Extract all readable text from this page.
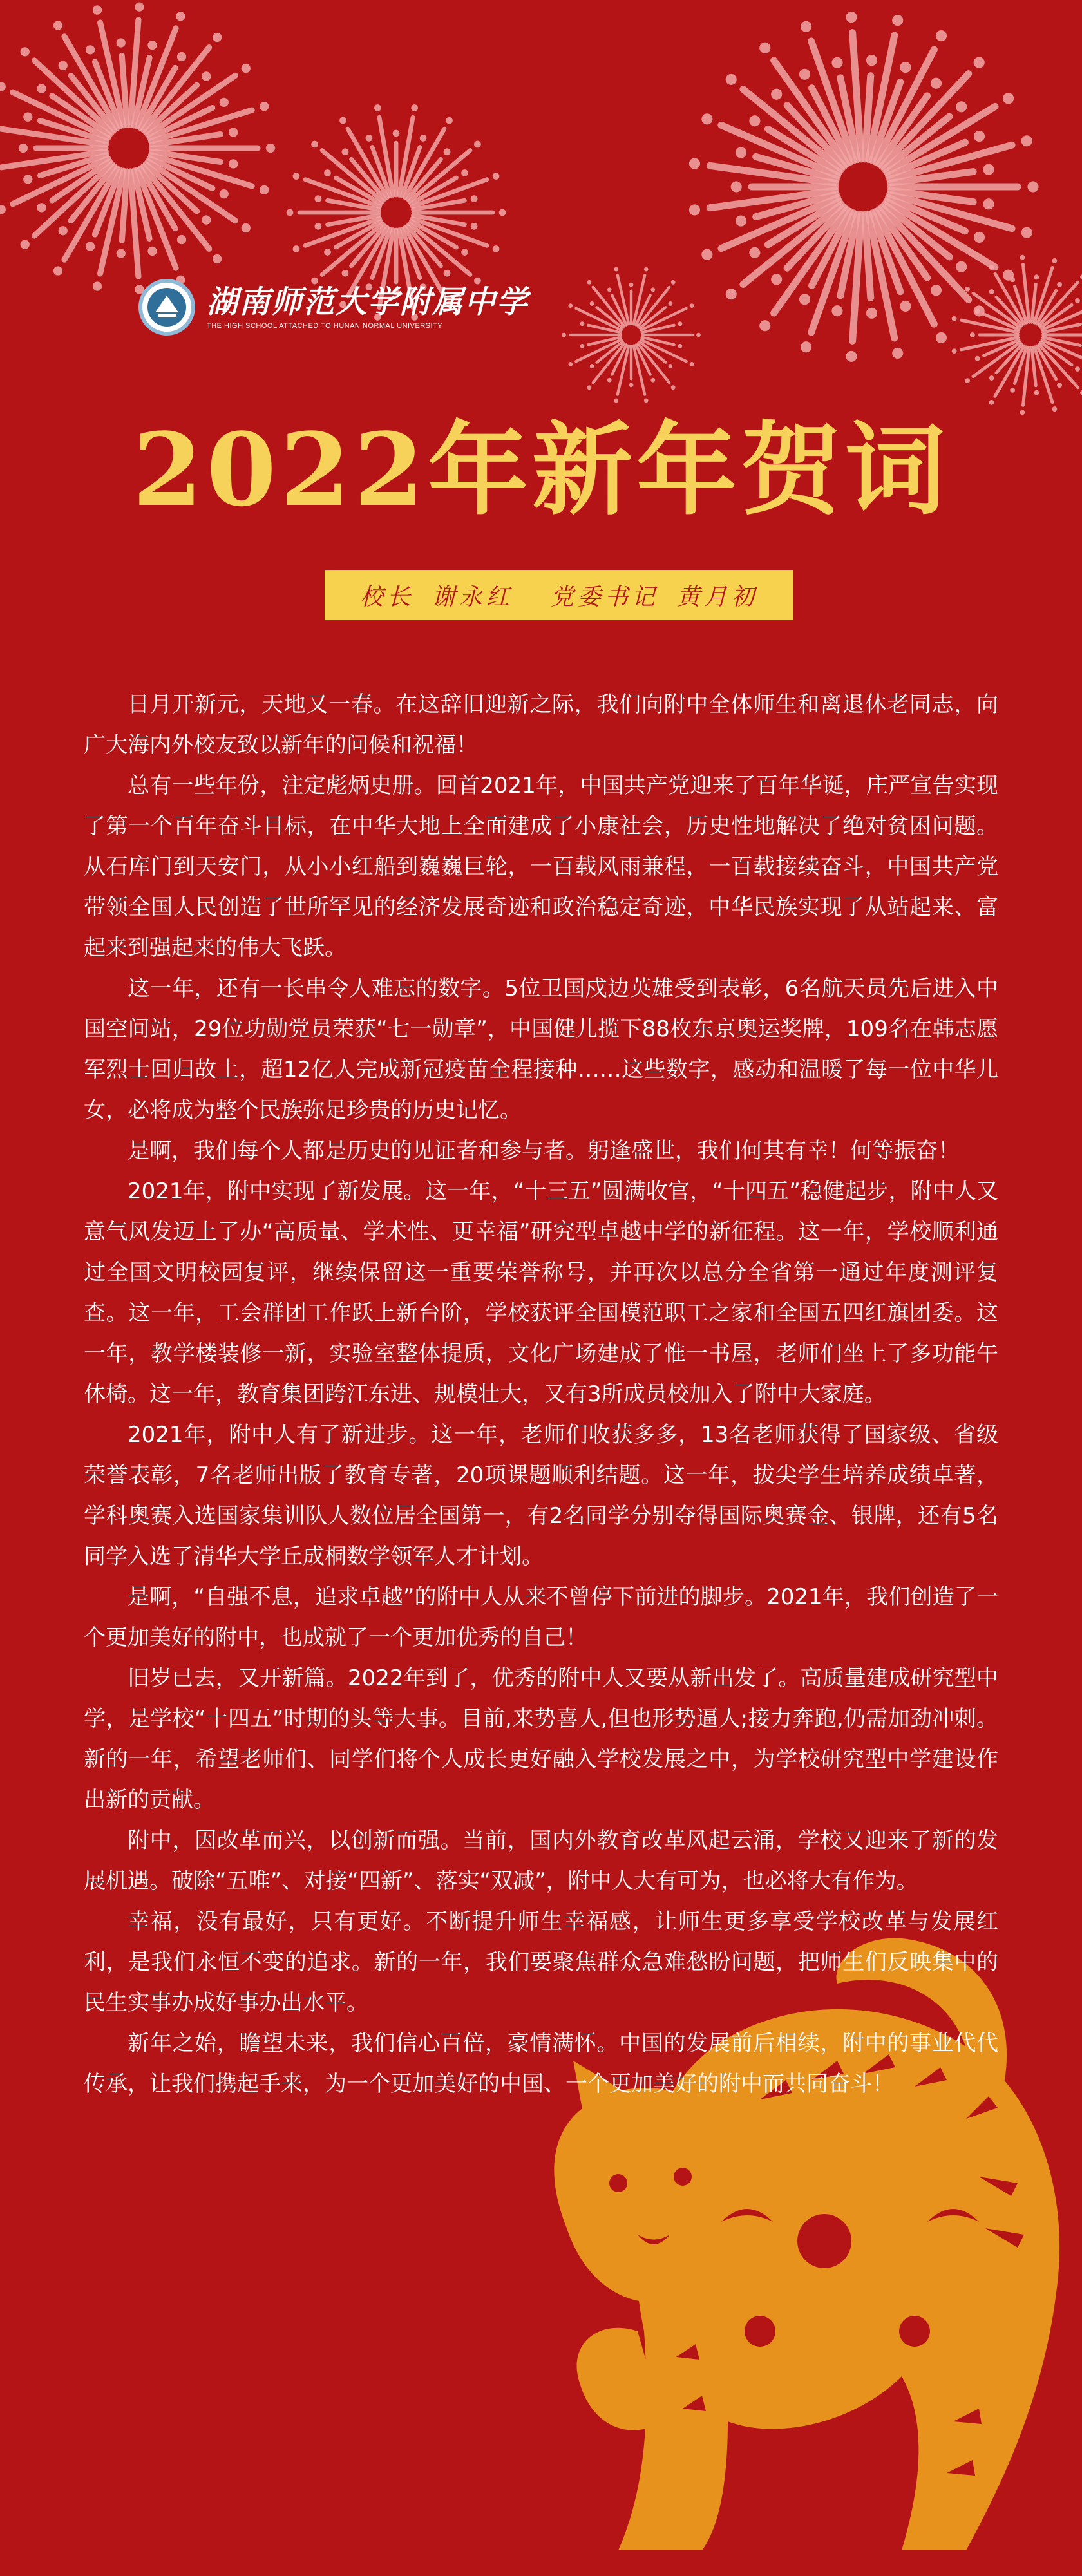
湖南师范大学附属中学
THE HIGH SCHOOL ATTACHED TO HUNAN NORMAL UNIVERSITY
2022年新年贺词
校长 谢永红 党委书记 黄月初

日月开新元，天地又一春。在这辞旧迎新之际，我们向附中全体师生和离退休老同志，向广大海内外校友致以新年的问候和祝福！

总有一些年份，注定彪炳史册。回首2021年，中国共产党迎来了百年华诞，庄严宣告实现了第一个百年奋斗目标，在中华大地上全面建成了小康社会，历史性地解决了绝对贫困问题。从石库门到天安门，从小小红船到巍巍巨轮，一百载风雨兼程，一百载接续奋斗，中国共产党带领全国人民创造了世所罕见的经济发展奇迹和政治稳定奇迹，中华民族实现了从站起来、富起来到强起来的伟大飞跃。

这一年，还有一长串令人难忘的数字。5位卫国戍边英雄受到表彰，6名航天员先后进入中国空间站，29位功勋党员荣获“七一勋章”，中国健儿揽下88枚东京奥运奖牌，109名在韩志愿军烈士回归故土，超12亿人完成新冠疫苗全程接种……这些数字，感动和温暖了每一位中华儿女，必将成为整个民族弥足珍贵的历史记忆。

是啊，我们每个人都是历史的见证者和参与者。躬逢盛世，我们何其有幸！何等振奋！

2021年，附中实现了新发展。这一年，“十三五”圆满收官，“十四五”稳健起步，附中人又意气风发迈上了办“高质量、学术性、更幸福”研究型卓越中学的新征程。这一年，学校顺利通过全国文明校园复评，继续保留这一重要荣誉称号，并再次以总分全省第一通过年度测评复查。这一年，工会群团工作跃上新台阶，学校获评全国模范职工之家和全国五四红旗团委。这一年，教学楼装修一新，实验室整体提质，文化广场建成了惟一书屋，老师们坐上了多功能午休椅。这一年，教育集团跨江东进、规模壮大，又有3所成员校加入了附中大家庭。

2021年，附中人有了新进步。这一年，老师们收获多多，13名老师获得了国家级、省级荣誉表彰，7名老师出版了教育专著，20项课题顺利结题。这一年，拔尖学生培养成绩卓著，学科奥赛入选国家集训队人数位居全国第一，有2名同学分别夺得国际奥赛金、银牌，还有5名同学入选了清华大学丘成桐数学领军人才计划。

是啊，“自强不息，追求卓越”的附中人从来不曾停下前进的脚步。2021年，我们创造了一个更加美好的附中，也成就了一个更加优秀的自己！

旧岁已去，又开新篇。2022年到了，优秀的附中人又要从新出发了。高质量建成研究型中学，是学校“十四五”时期的头等大事。目前,来势喜人,但也形势逼人;接力奔跑,仍需加劲冲刺。新的一年，希望老师们、同学们将个人成长更好融入学校发展之中，为学校研究型中学建设作出新的贡献。

附中，因改革而兴，以创新而强。当前，国内外教育改革风起云涌，学校又迎来了新的发展机遇。破除“五唯”、对接“四新”、落实“双减”，附中人大有可为，也必将大有作为。

幸福，没有最好，只有更好。不断提升师生幸福感，让师生更多享受学校改革与发展红利，是我们永恒不变的追求。新的一年，我们要聚焦群众急难愁盼问题，把师生们反映集中的民生实事办成好事办出水平。

新年之始，瞻望未来，我们信心百倍，豪情满怀。中国的发展前后相续，附中的事业代代传承，让我们携起手来，为一个更加美好的中国、一个更加美好的附中而共同奋斗！
